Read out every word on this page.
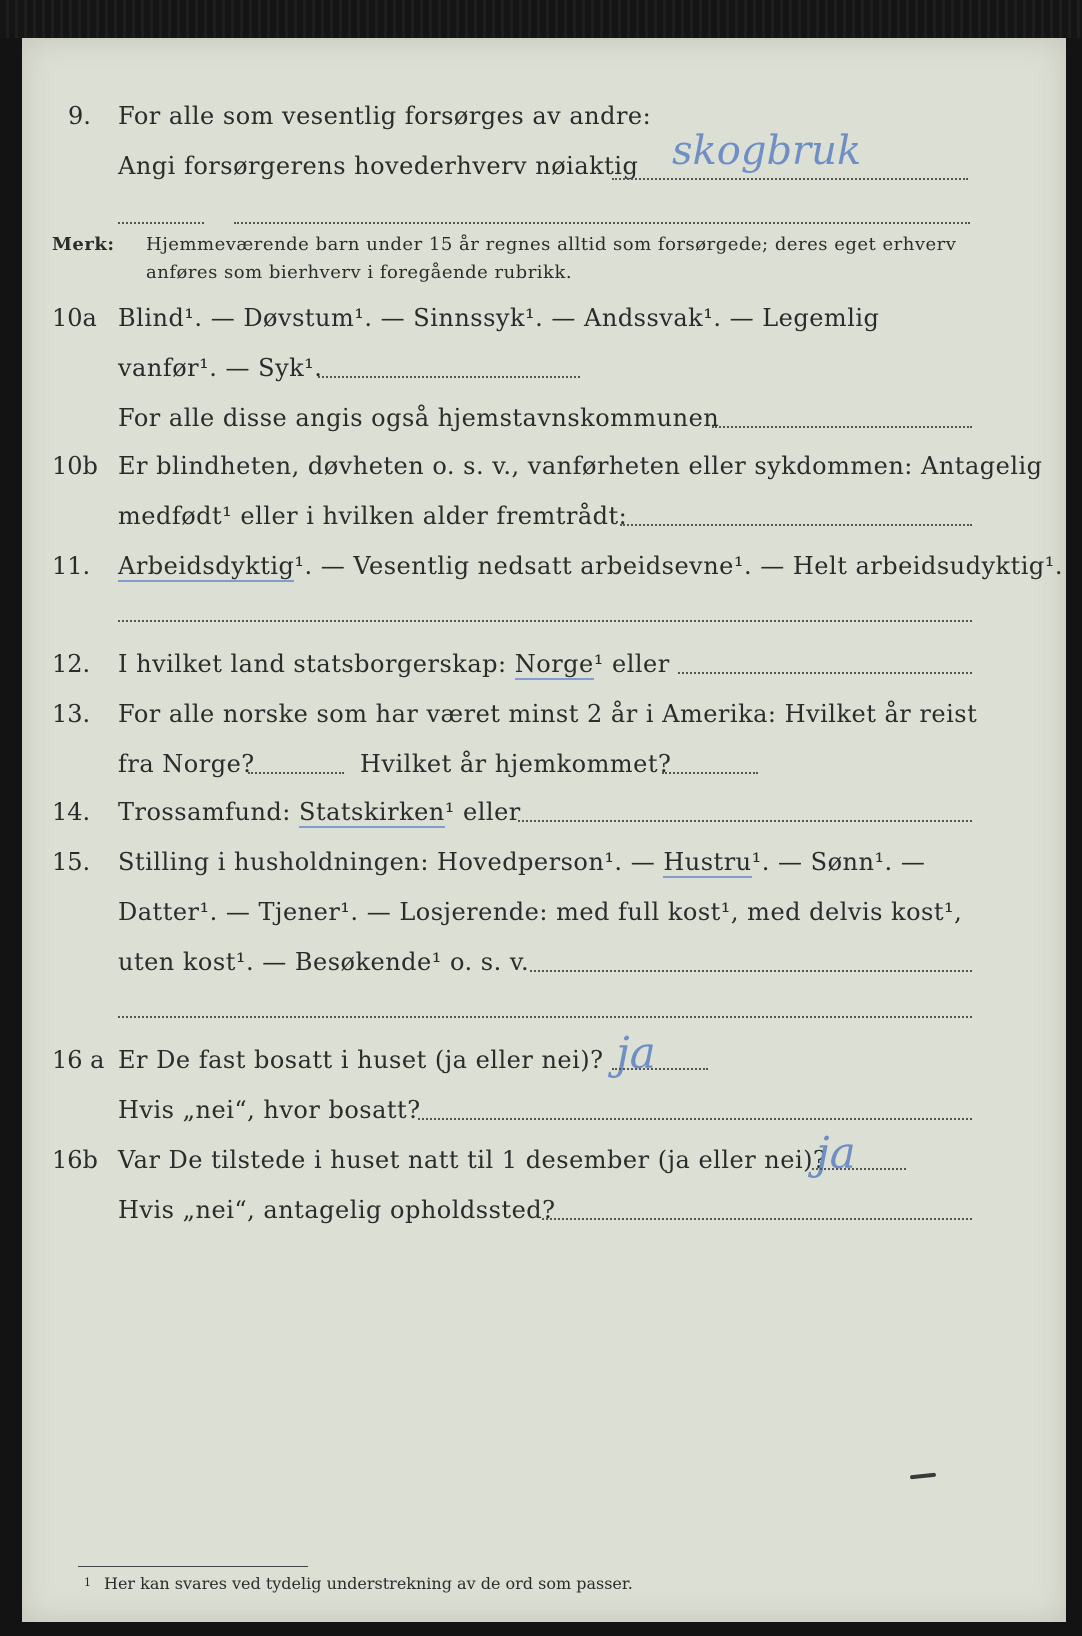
9. For alle som vesentlig forsørges av andre:
Angi forsørgerens hovederhverv nøiaktig skogbruk
Merk: Hjemmeværende barn under 15 år regnes alltid som forsørgede; deres eget erhverv
anføres som bierhverv i foregående rubrikk.
10a Blind¹. — Døvstum¹. — Sinnssyk¹. — Andssvak¹. — Legemlig
vanfør¹. — Syk¹.
For alle disse angis også hjemstavnskommunen
10b Er blindheten, døvheten o. s. v., vanførheten eller sykdommen: Antagelig
medfødt¹ eller i hvilken alder fremtrådt:
11. Arbeidsdyktig¹. — Vesentlig nedsatt arbeidsevne¹. — Helt arbeidsudyktig¹.
12. I hvilket land statsborgerskap: Norge¹ eller
13. For alle norske som har været minst 2 år i Amerika: Hvilket år reist
fra Norge?	Hvilket år hjemkommet?
14. Trossamfund: Statskirken¹ eller
15. Stilling i husholdningen: Hovedperson¹. — Hustru¹. — Sønn¹. —
Datter¹. — Tjener¹. — Losjerende: med full kost¹, med delvis kost¹,
uten kost¹. — Besøkende¹ o. s. v.
16 a Er De fast bosatt i huset (ja eller nei)? ja
Hvis „nei“, hvor bosatt?
16b Var De tilstede i huset natt til 1 desember (ja eller nei)?
ja
Hvis „nei“, antagelig opholdssted?
1 Her kan svares ved tydelig understrekning av de ord som passer.
